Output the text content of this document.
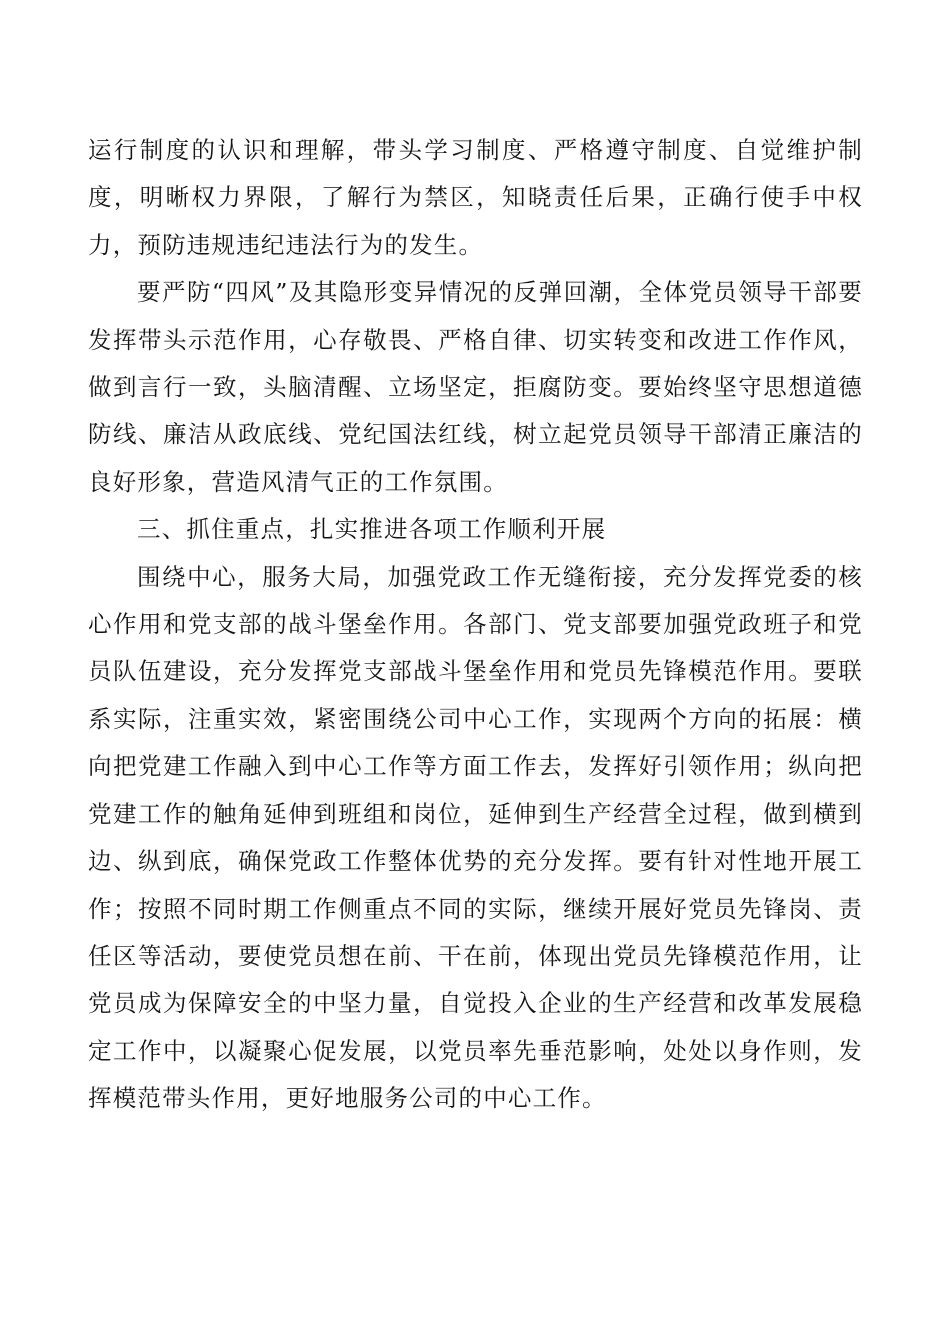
运行制度的认识和理解，带头学习制度、严格遵守制度、自觉维护制度，明晰权力界限，了解行为禁区，知晓责任后果，正确行使手中权力，预防违规违纪违法行为的发生。

要严防“四风”及其隐形变异情况的反弹回潮，全体党员领导干部要发挥带头示范作用，心存敬畏、严格自律、切实转变和改进工作作风，做到言行一致，头脑清醒、立场坚定，拒腐防变。要始终坚守思想道德防线、廉洁从政底线、党纪国法红线，树立起党员领导干部清正廉洁的良好形象，营造风清气正的工作氛围。

三、抓住重点，扎实推进各项工作顺利开展

围绕中心，服务大局，加强党政工作无缝衔接，充分发挥党委的核心作用和党支部的战斗堡垒作用。各部门、党支部要加强党政班子和党员队伍建设，充分发挥党支部战斗堡垒作用和党员先锋模范作用。要联系实际，注重实效，紧密围绕公司中心工作，实现两个方向的拓展：横向把党建工作融入到中心工作等方面工作去，发挥好引领作用；纵向把党建工作的触角延伸到班组和岗位，延伸到生产经营全过程，做到横到边、纵到底，确保党政工作整体优势的充分发挥。要有针对性地开展工作；按照不同时期工作侧重点不同的实际，继续开展好党员先锋岗、责任区等活动，要使党员想在前、干在前，体现出党员先锋模范作用，让党员成为保障安全的中坚力量，自觉投入企业的生产经营和改革发展稳定工作中，以凝聚心促发展，以党员率先垂范影响，处处以身作则，发挥模范带头作用，更好地服务公司的中心工作。
